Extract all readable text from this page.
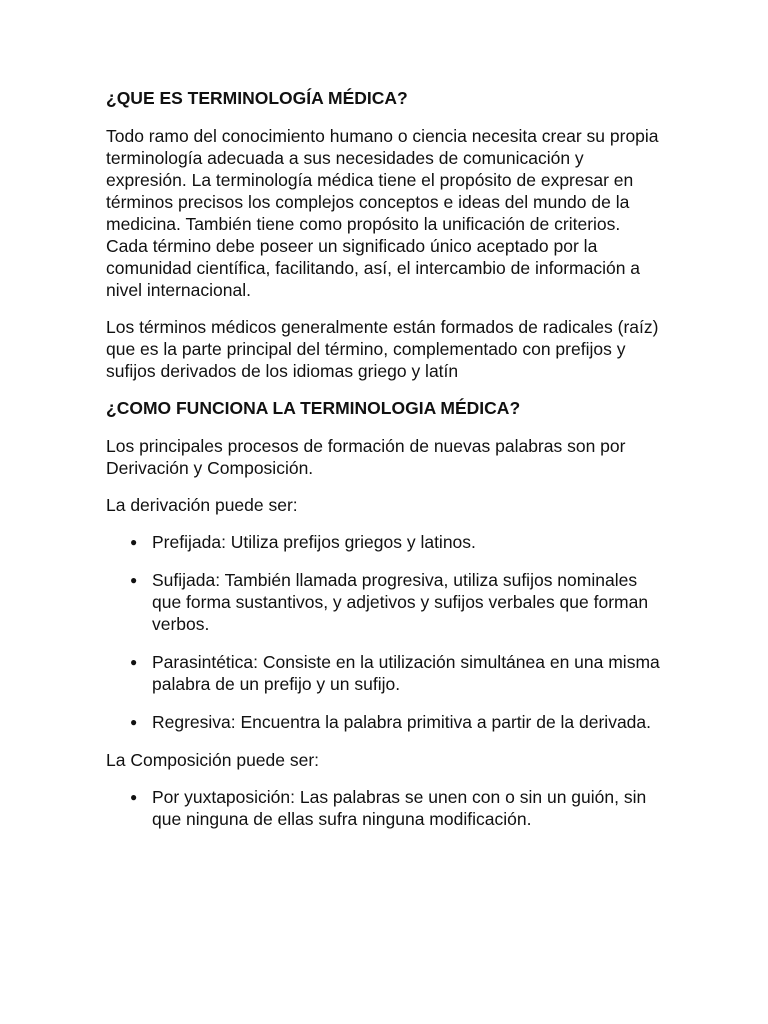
¿QUE ES TERMINOLOGÍA MÉDICA?

Todo ramo del conocimiento humano o ciencia necesita crear su propia terminología adecuada a sus necesidades de comunicación y expresión. La terminología médica tiene el propósito de expresar en términos precisos los complejos conceptos e ideas del mundo de la medicina. También tiene como propósito la unificación de criterios. Cada término debe poseer un significado único aceptado por la comunidad científica, facilitando, así, el intercambio de información a nivel internacional.

Los términos médicos generalmente están formados de radicales (raíz) que es la parte principal del término, complementado con prefijos y sufijos derivados de los idiomas griego y latín

¿COMO FUNCIONA LA TERMINOLOGIA MÉDICA?

Los principales procesos de formación de nuevas palabras son por Derivación y Composición.

La derivación puede ser:

● Prefijada: Utiliza prefijos griegos y latinos.
● Sufijada: También llamada progresiva, utiliza sufijos nominales que forma sustantivos, y adjetivos y sufijos verbales que forman verbos.
● Parasintética: Consiste en la utilización simultánea en una misma palabra de un prefijo y un sufijo.
● Regresiva: Encuentra la palabra primitiva a partir de la derivada.

La Composición puede ser:

● Por yuxtaposición: Las palabras se unen con o sin un guión, sin que ninguna de ellas sufra ninguna modificación.
